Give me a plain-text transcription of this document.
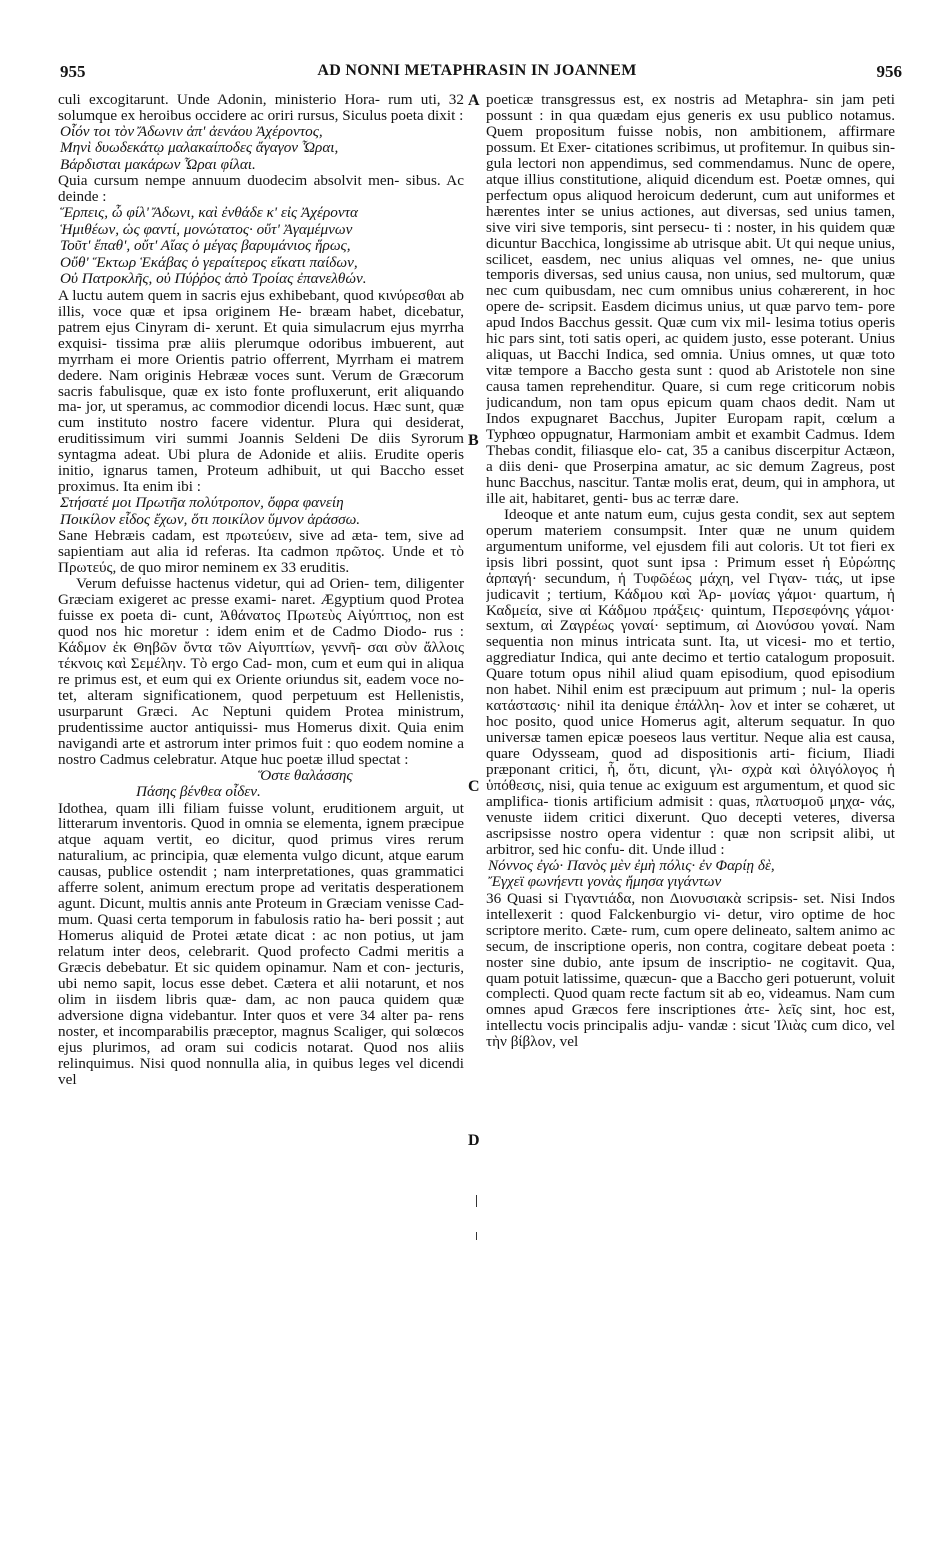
955	AD NONNI METAPHRASIN IN JOANNEM	956

culi excogitarunt. Unde Adonin, ministerio Hora- rum uti, 32 solumque ex heroibus occidere ac oriri rursus, Siculus poeta dixit :

Οἷόν τοι τὸν Ἄδωνιν ἀπ' ἀενάου Ἀχέροντος,

Μηνὶ δυωδεκάτῳ μαλακαίποδες ἄγαγον Ὧραι,

Βάρδισται μακάρων Ὧραι φίλαι.

Quia cursum nempe annuum duodecim absolvit men- sibus. Ac deinde :

Ἕρπεις, ὦ φίλ' Ἄδωνι, καὶ ἐνθάδε κ' εἰς Ἀχέροντα

Ἡμιθέων, ὡς φαντί, μονώτατος· οὔτ' Ἀγαμέμνων

Τοῦτ' ἔπαθ', οὔτ' Αἴας ὁ μέγας βαρυμάνιος ἥρως,

Οὔθ' Ἕκτωρ Ἑκάβας ὁ γεραίτερος εἴκατι παίδων,

Οὐ Πατροκλῆς, οὐ Πύῤῥος ἀπὸ Τροίας ἐπανελθών.

A luctu autem quem in sacris ejus exhibebant, quod κινύρεσθαι ab illis, voce quæ et ipsa originem He- bræam habet, dicebatur, patrem ejus Cinyram di- xerunt. Et quia simulacrum ejus myrrha exquisi- tissima præ aliis plerumque odoribus imbuerent, aut myrrham ei more Orientis patrio offerrent, Myrrham ei matrem dedere. Nam originis Hebrææ voces sunt. Verum de Græcorum sacris fabulisque, quæ ex isto fonte profluxerunt, erit aliquando ma- jor, ut speramus, ac commodior dicendi locus. Hæc sunt, quæ cum instituto nostro facere videntur. Plura qui desiderat, eruditissimum viri summi Joannis Seldeni De diis Syrorum syntagma adeat. Ubi plura de Adonide et aliis. Erudite operis initio, ignarus tamen, Proteum adhibuit, ut qui Baccho esset proximus. Ita enim ibi :

Στήσατέ μοι Πρωτῆα πολύτροπον, ὄφρα φανείη

Ποικίλον εἶδος ἔχων, ὅτι ποικίλον ὕμνον ἀράσσω.

Sane Hebræis cadam, est πρωτεύειν, sive ad æta- tem, sive ad sapientiam aut alia id referas. Ita cadmon πρῶτος. Unde et τὸ Πρωτεύς, de quo miror neminem ex 33 eruditis.

Verum defuisse hactenus videtur, qui ad Orien- tem, diligenter Græciam exigeret ac presse exami- naret. Ægyptium quod Protea fuisse ex poeta di- cunt, Ἀθάνατος Πρωτεὺς Αἰγύπτιος, non est quod nos hic moretur : idem enim et de Cadmo Diodo- rus : Κάδμον ἐκ Θηβῶν ὄντα τῶν Αἰγυπτίων, γεννῆ- σαι σὺν ἄλλοις τέκνοις καὶ Σεμέλην. Tὸ ergo Cad- mon, cum et eum qui in aliqua re primus est, et eum qui ex Oriente oriundus sit, eadem voce no- tet, alteram significationem, quod perpetuum est Hellenistis, usurparunt Græci. Ac Neptuni quidem Protea ministrum, prudentissime auctor antiquissi- mus Homerus dixit. Quia enim navigandi arte et astrorum inter primos fuit : quo eodem nomine a nostro Cadmus celebratur. Atque huc poetæ illud spectat :

Ὅστε θαλάσσης

Πάσης βένθεα οἶδεν.

Idothea, quam illi filiam fuisse volunt, eruditionem arguit, ut litterarum inventoris. Quod in omnia se elementa, ignem præcipue atque aquam vertit, eo dicitur, quod primus vires rerum naturalium, ac principia, quæ elementa vulgo dicunt, atque earum causas, publice ostendit ; nam interpretationes, quas grammatici afferre solent, animum erectum prope ad veritatis desperationem agunt. Dicunt, multis annis ante Proteum in Græciam venisse Cad- mum. Quasi certa temporum in fabulosis ratio ha- beri possit ; aut Homerus aliquid de Protei ætate dicat : ac non potius, ut jam relatum inter deos, celebrarit. Quod profecto Cadmi meritis a Græcis debebatur. Et sic quidem opinamur. Nam et con- jecturis, ubi nemo sapit, locus esse debet. Cætera et alii notarunt, et nos olim in iisdem libris quæ- dam, ac non pauca quidem quæ adversione digna videbantur. Inter quos et vere 34 alter pa- rens noster, et incomparabilis præceptor, magnus Scaliger, qui solœcos ejus plurimos, ad oram sui codicis notarat. Quod nos aliis relinquimus. Nisi quod nonnulla alia, in quibus leges vel dicendi vel

poeticæ transgressus est, ex nostris ad Metaphra- sin jam peti possunt : in qua quædam ejus generis ex usu publico notamus. Quem propositum fuisse nobis, non ambitionem, affirmare possum. Et Exer- citationes scribimus, ut profitemur. In quibus sin- gula lectori non appendimus, sed commendamus. Nunc de opere, atque illius constitutione, aliquid dicendum est. Poetæ omnes, qui perfectum opus aliquod heroicum dederunt, cum aut uniformes et hærentes inter se unius actiones, aut diversas, sed unius tamen, sive viri sive temporis, sint persecu- ti : noster, in his quidem quæ dicuntur Bacchica, longissime ab utrisque abit. Ut qui neque unius, scilicet, easdem, nec unius aliquas vel omnes, ne- que unius temporis diversas, sed unius causa, non unius, sed multorum, quæ nec cum quibusdam, nec cum omnibus unius cohærerent, in hoc opere de- scripsit. Easdem dicimus unius, ut quæ parvo tem- pore apud Indos Bacchus gessit. Quæ cum vix mil- lesima totius operis hic pars sint, toti satis operi, ac quidem justo, esse poterant. Unius aliquas, ut Bacchi Indica, sed omnia. Unius omnes, ut quæ toto vitæ tempore a Baccho gesta sunt : quod ab Aristotele non sine causa tamen reprehenditur. Quare, si cum rege criticorum nobis judicandum, non tam opus epicum quam chaos dedit. Nam ut Indos expugnaret Bacchus, Jupiter Europam rapit, cœlum a Typhœo oppugnatur, Harmoniam ambit et exambit Cadmus. Idem Thebas condit, filiasque elo- cat, 35 a canibus discerpitur Actæon, a diis deni- que Proserpina amatur, ac sic demum Zagreus, post hunc Bacchus, nascitur. Tantæ molis erat, deum, qui in amphora, ut ille ait, habitaret, genti- bus ac terræ dare.

Ideoque et ante natum eum, cujus gesta condit, sex aut septem operum materiem consumpsit. Inter quæ ne unum quidem argumentum uniforme, vel ejusdem fili aut coloris. Ut tot fieri ex ipsis libri possint, quot sunt ipsa : Primum esset ἡ Εὐρώπης ἁρπαγή· secundum, ἡ Τυφῶέως μάχη, vel Γιγαν- τιάς, ut ipse judicavit ; tertium, Κάδμου καὶ Ἁρ- μονίας γάμοι· quartum, ἡ Καδμεία, sive αἱ Κάδμου πράξεις· quintum, Περσεφόνης γάμοι· sextum, αἱ Ζαγρέως γοναί· septimum, αἱ Διονύσου γοναί. Nam sequentia non minus intricata sunt. Ita, ut vicesi- mo et tertio, aggrediatur Indica, qui ante decimo et tertio catalogum proposuit. Quare totum opus nihil aliud quam episodium, quod episodium non habet. Nihil enim est præcipuum aut primum ; nul- la operis κατάστασις· nihil ita denique ἐπάλλη- λον et inter se cohæret, ut hoc posito, quod unice Homerus agit, alterum sequatur. In quo universæ tamen epicæ poeseos laus vertitur. Neque alia est causa, quare Odysseam, quod ad dispositionis arti- ficium, Iliadi præponant critici, ἧ, ὅτι, dicunt, γλι- σχρὰ καὶ ὀλιγόλογος ἡ ὑπόθεσις, nisi, quia tenue ac exiguum est argumentum, et quod sic amplifica- tionis artificium admisit : quas, πλατυσμοῦ μηχα- νάς, venuste iidem critici dixerunt. Quo decepti veteres, diversa ascripsisse nostro opera videntur : quæ non scripsit alibi, ut arbitror, sed hic confu- dit. Unde illud :

Νόννος ἐγώ· Πανὸς μὲν ἐμὴ πόλις· ἐν Φαρίῃ δὲ,

Ἔγχεϊ φωνήεντι γονὰς ἤμησα γιγάντων

36 Quasi si Γιγαντιάδα, non Διονυσιακὰ scripsis- set. Nisi Indos intellexerit : quod Falckenburgio vi- detur, viro optime de hoc scriptore merito. Cæte- rum, cum opere delineato, saltem animo ac secum, de inscriptione operis, non contra, cogitare debeat poeta : noster sine dubio, ante ipsum de inscriptio- ne cogitavit. Qua, quam potuit latissime, quæcun- que a Baccho geri potuerunt, voluit complecti. Quod quam recte factum sit ab eo, videamus. Nam cum omnes apud Græcos fere inscriptiones ἀτε- λεῖς sint, hoc est, intellectu vocis principalis adju- vandæ : sicut Ἰλιὰς cum dico, vel τὴν βίβλον, vel

A
B
C
D
